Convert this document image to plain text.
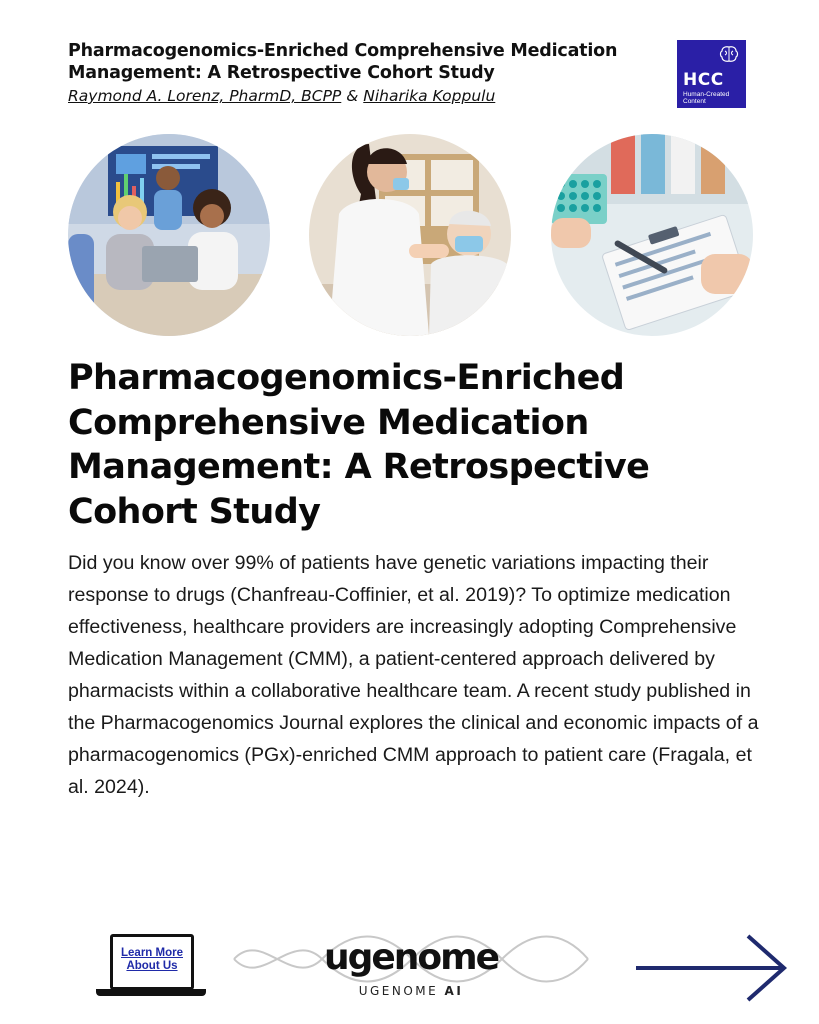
Pharmacogenomics-Enriched Comprehensive Medication Management: A Retrospective Cohort Study
Raymond A. Lorenz, PharmD, BCPP & Niharika Koppulu
HCC
Human-Created
Content
Pharmacogenomics-Enriched Comprehensive Medication Management: A Retrospective Cohort Study
Did you know over 99% of patients have genetic variations impacting their response to drugs (Chanfreau-Coffinier, et al. 2019)? To optimize medication effectiveness, healthcare providers are increasingly adopting Comprehensive Medication Management (CMM), a patient-centered approach delivered by pharmacists within a collaborative healthcare team. A recent study published in the Pharmacogenomics Journal explores the clinical and economic impacts of a pharmacogenomics (PGx)-enriched CMM approach to patient care (Fragala, et al. 2024).
Learn More
About Us	ugenome
UGENOME AI
